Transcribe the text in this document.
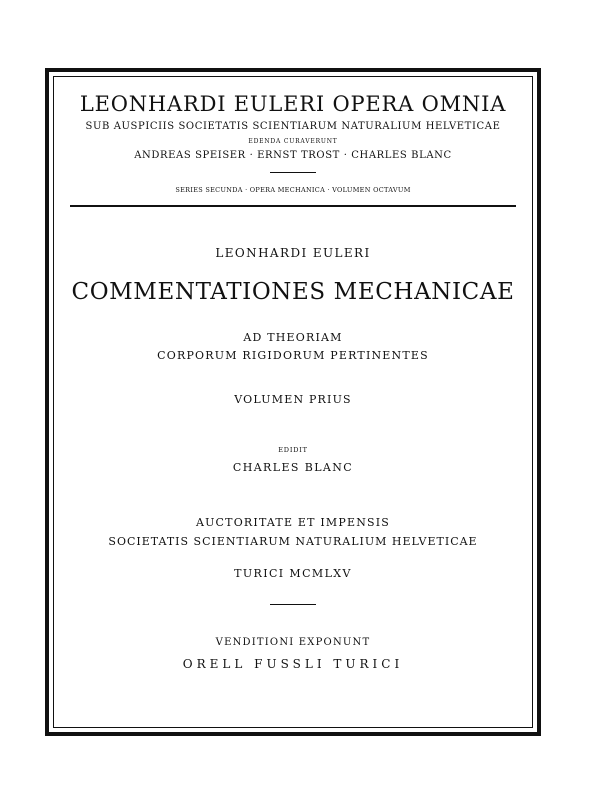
LEONHARDI EULERI OPERA OMNIA
SUB AUSPICIIS SOCIETATIS SCIENTIARUM NATURALIUM HELVETICAE
EDENDA CURAVERUNT
ANDREAS SPEISER · ERNST TROST · CHARLES BLANC
SERIES SECUNDA · OPERA MECHANICA · VOLUMEN OCTAVUM
LEONHARDI EULERI
COMMENTATIONES MECHANICAE
AD THEORIAM
CORPORUM RIGIDORUM PERTINENTES
VOLUMEN PRIUS
EDIDIT
CHARLES BLANC
AUCTORITATE ET IMPENSIS
SOCIETATIS SCIENTIARUM NATURALIUM HELVETICAE
TURICI MCMLXV
VENDITIONI EXPONUNT
ORELL FUSSLI TURICI
